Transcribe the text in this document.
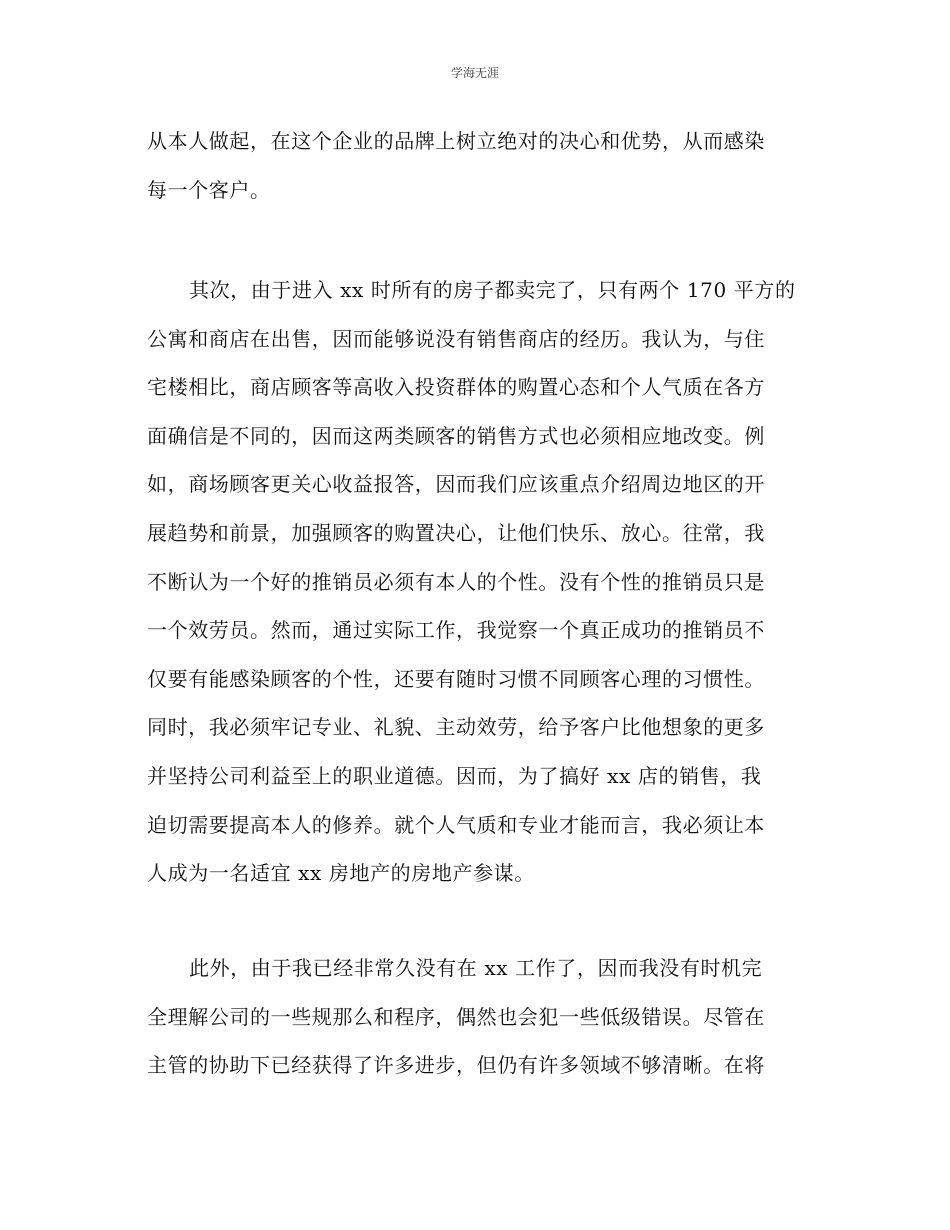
学海无涯
从本人做起，在这个企业的品牌上树立绝对的决心和优势，从而感染
每一个客户。
其次，由于进入 xx 时所有的房子都卖完了，只有两个 170 平方的
公寓和商店在出售，因而能够说没有销售商店的经历。我认为，与住
宅楼相比，商店顾客等高收入投资群体的购置心态和个人气质在各方
面确信是不同的，因而这两类顾客的销售方式也必须相应地改变。例
如，商场顾客更关心收益报答，因而我们应该重点介绍周边地区的开
展趋势和前景，加强顾客的购置决心，让他们快乐、放心。往常，我
不断认为一个好的推销员必须有本人的个性。没有个性的推销员只是
一个效劳员。然而，通过实际工作，我觉察一个真正成功的推销员不
仅要有能感染顾客的个性，还要有随时习惯不同顾客心理的习惯性。
同时，我必须牢记专业、礼貌、主动效劳，给予客户比他想象的更多
并坚持公司利益至上的职业道德。因而，为了搞好 xx 店的销售，我
迫切需要提高本人的修养。就个人气质和专业才能而言，我必须让本
人成为一名适宜 xx 房地产的房地产参谋。
此外，由于我已经非常久没有在 xx 工作了，因而我没有时机完
全理解公司的一些规那么和程序，偶然也会犯一些低级错误。尽管在
主管的协助下已经获得了许多进步，但仍有许多领域不够清晰。在将
